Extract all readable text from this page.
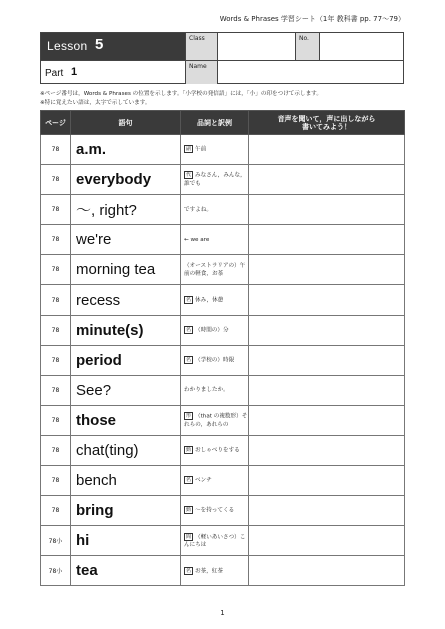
Words & Phrases 学習シート（1年 教科書 pp. 77〜79）
Lesson 5
Part 1
Class	No.
Name
※ページ番号は，Words & Phrases の位置を示します。「小学校の発信語」には，「小」の印をつけて示します。
※特に覚えたい語は，太字で示しています。
ページ	語句	品詞と訳例	音声を聞いて，声に出しながら
書いてみよう！
78	a.m.	副 午前	
78	everybody	代 みなさん，みんな，誰でも	
78	〜, right?	ですよね。	
78	we're	← we are	
78	morning tea	（オーストラリアの）午前の軽食，お茶	
78	recess	名 休み，休憩	
78	minute(s)	名 （時間の）分	
78	period	名 （学校の）時限	
78	See?	わかりましたか。	
78	those	形 （that の複数形）それらの，あれらの	
78	chat(ting)	動 おしゃべりをする	
78	bench	名 ベンチ	
78	bring	動 〜を持ってくる	
78小	hi	間 （軽いあいさつ）こんにちは	
78小	tea	名 お茶，紅茶	
1
